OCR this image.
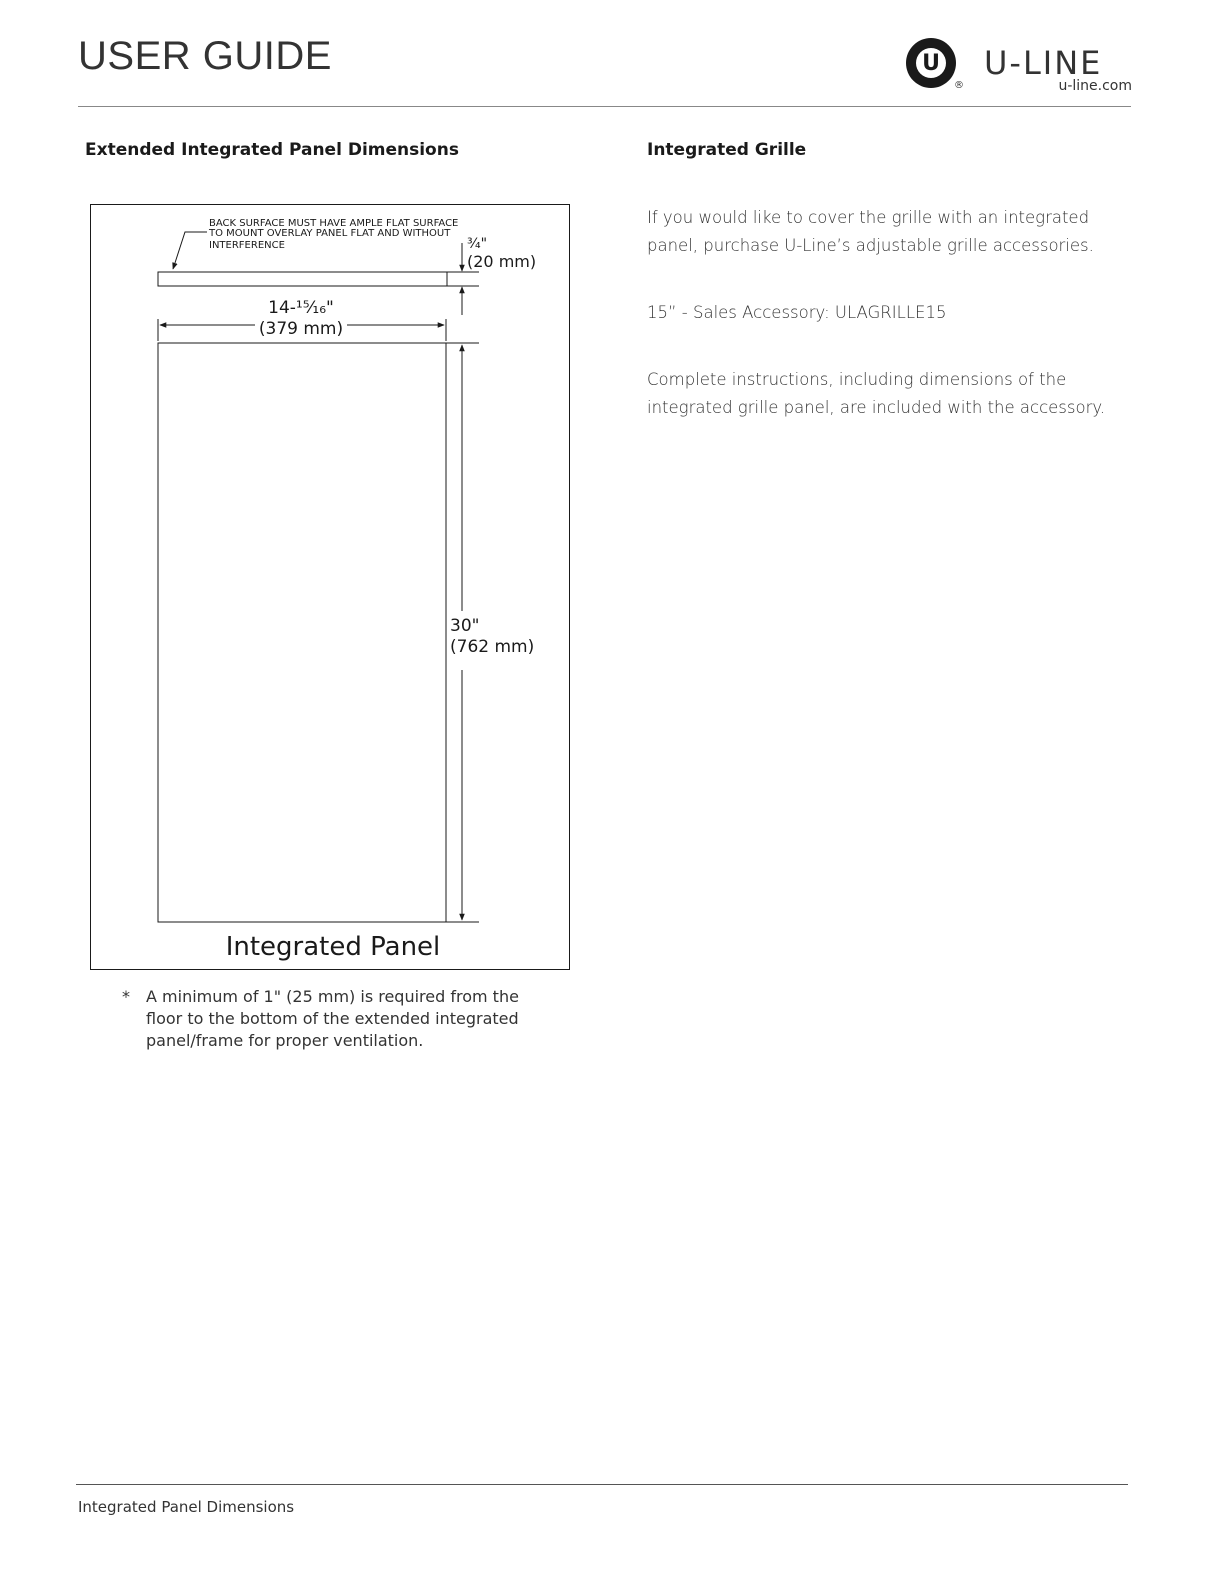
USER GUIDE	U
®
U-LINE
u-line.com
Extended Integrated Panel Dimensions	Integrated Grille

If you would like to cover the grille with an integrated panel, purchase U-Line’s adjustable grille accessories.

15” - Sales Accessory: ULAGRILLE15

Complete instructions, including dimensions of the integrated grille panel, are included with the accessory.

BACK SURFACE MUST HAVE AMPLE FLAT SURFACE
TO MOUNT OVERLAY PANEL FLAT AND WITHOUT
INTERFERENCE	³⁄₄"
(20 mm)
14-¹⁵⁄₁₆"
(379 mm)
30"
(762 mm)
Integrated Panel
* A minimum of 1" (25 mm) is required from the floor to the bottom of the extended integrated panel/frame for proper ventilation.
Integrated Panel Dimensions
